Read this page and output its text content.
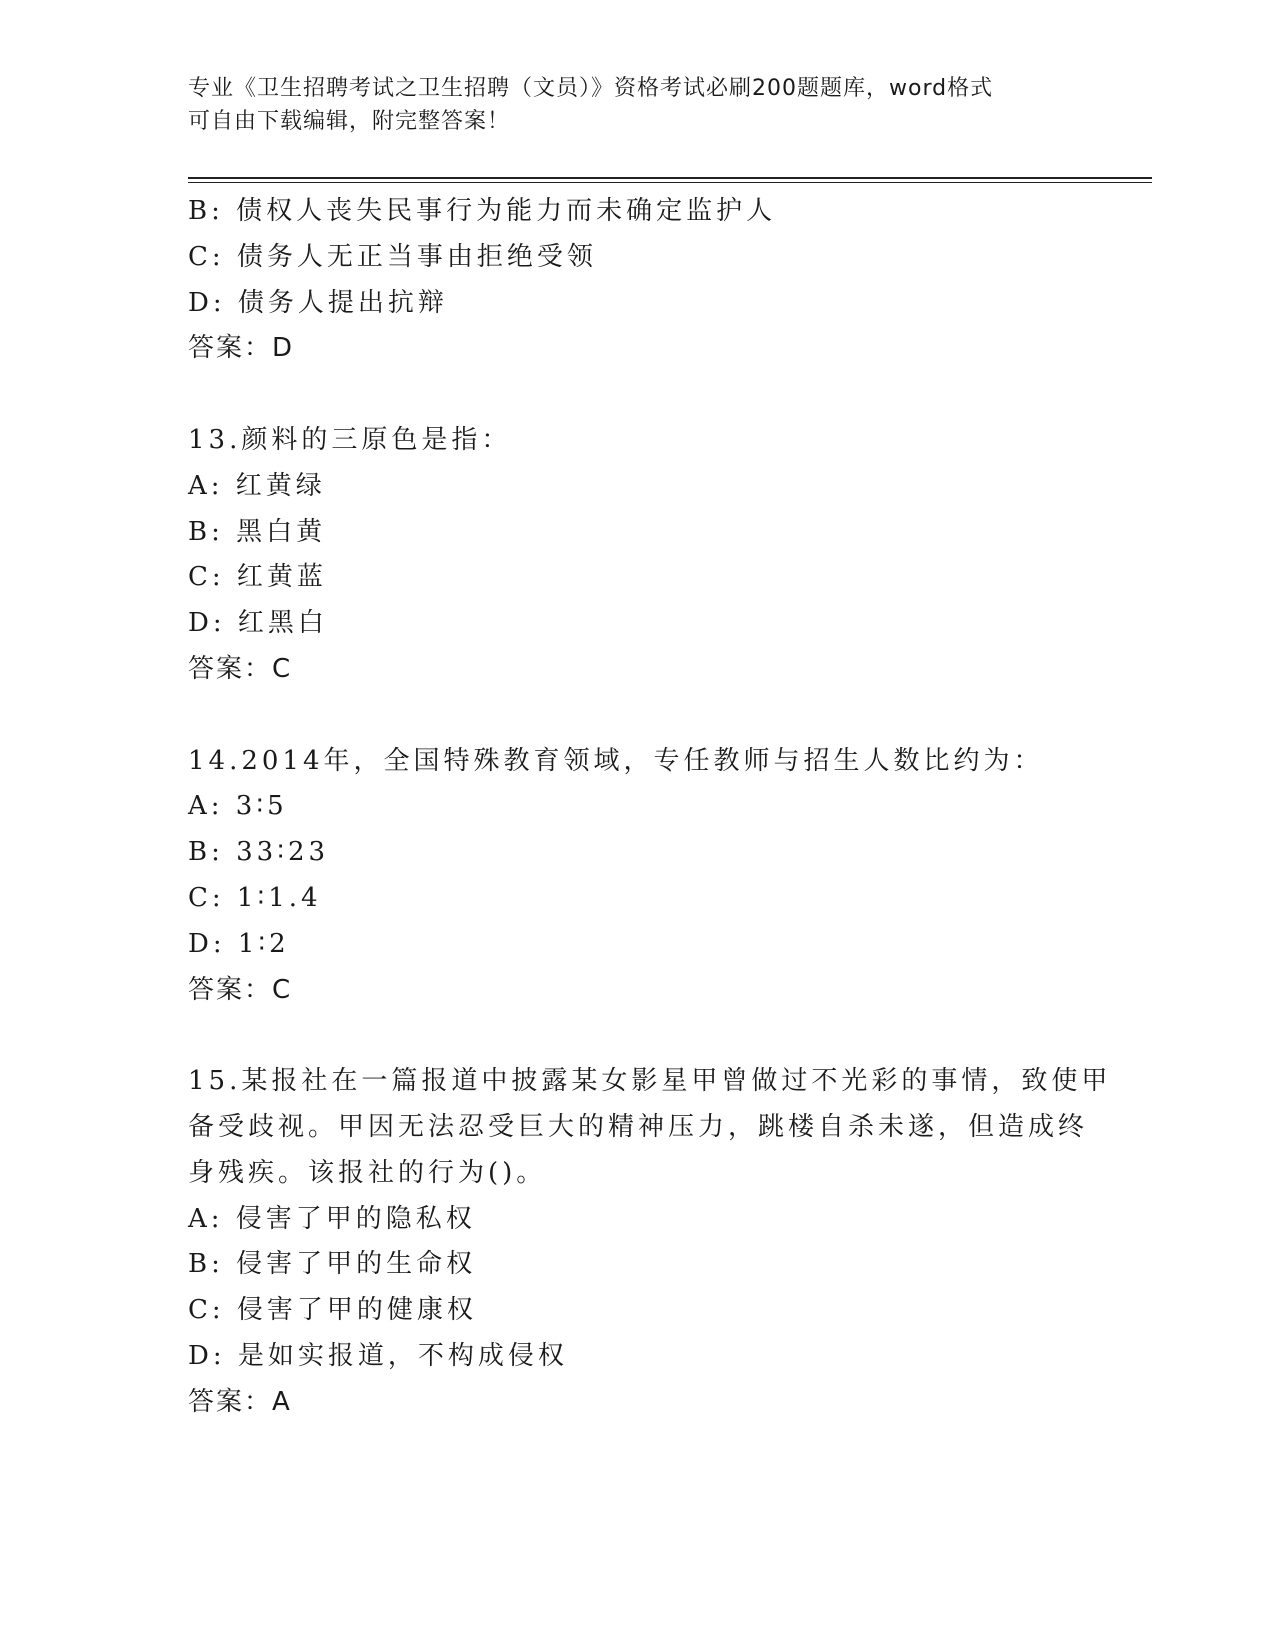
专业《卫生招聘考试之卫生招聘（文员）》资格考试必刷200题题库，word格式
可自由下载编辑，附完整答案！
B: 债权人丧失民事行为能力而未确定监护人
C: 债务人无正当事由拒绝受领
D: 债务人提出抗辩
答案：D
13.颜料的三原色是指：
A: 红黄绿
B: 黑白黄
C: 红黄蓝
D: 红黑白
答案：C
14.2014年，全国特殊教育领域，专任教师与招生人数比约为：
A: 3∶5
B: 33∶23
C: 1∶1.4
D: 1∶2
答案：C
15.某报社在一篇报道中披露某女影星甲曾做过不光彩的事情，致使甲
备受歧视。甲因无法忍受巨大的精神压力，跳楼自杀未遂，但造成终
身残疾。该报社的行为()。
A: 侵害了甲的隐私权
B: 侵害了甲的生命权
C: 侵害了甲的健康权
D: 是如实报道，不构成侵权
答案：A
